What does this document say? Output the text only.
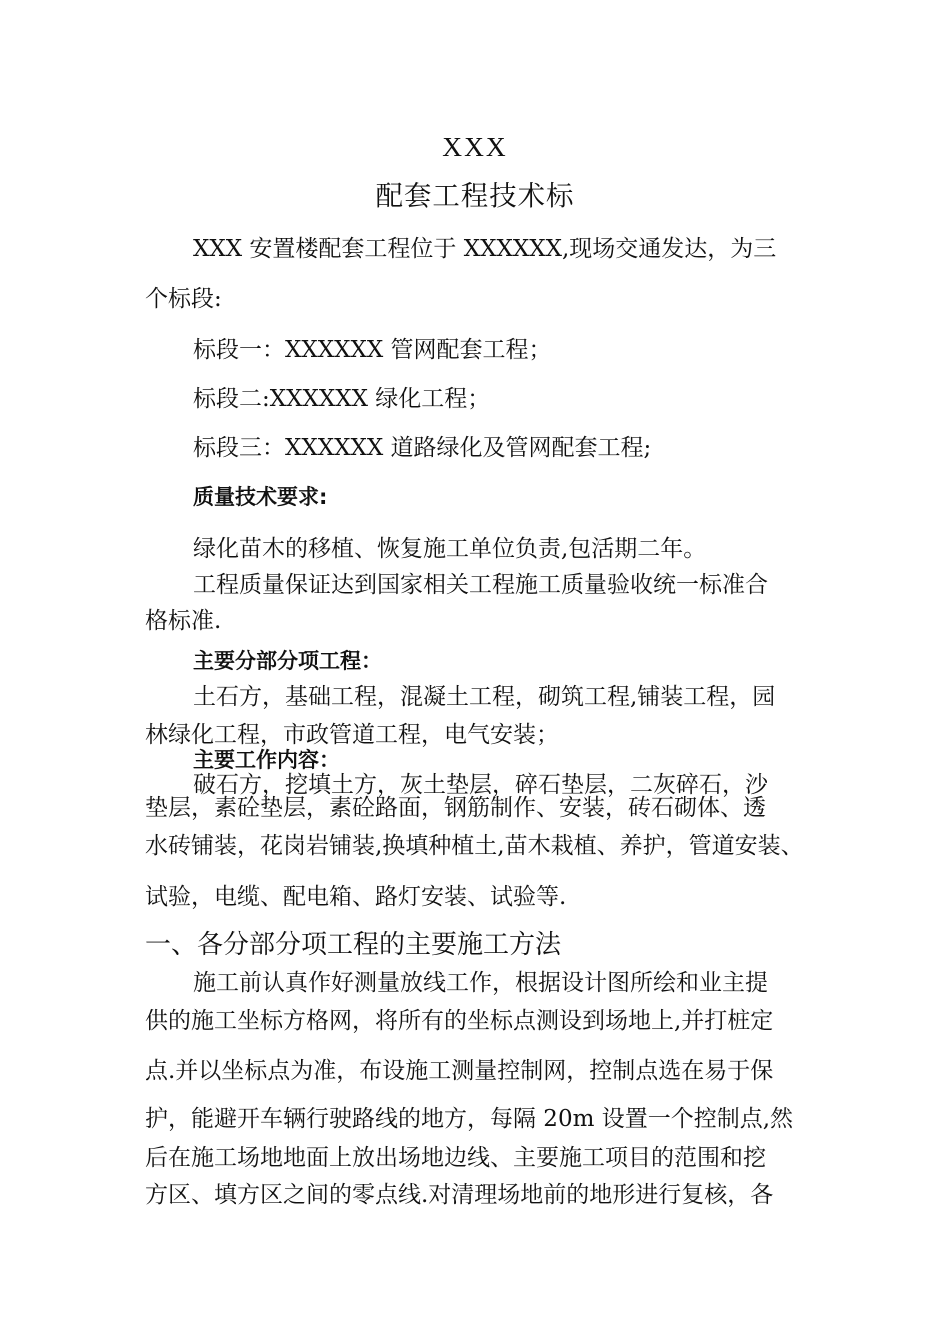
XXX
配套工程技术标
XXX 安置楼配套工程位于 XXXXXX,现场交通发达，为三
个标段:
标段一：XXXXXX 管网配套工程；
标段二:XXXXXX 绿化工程；
标段三：XXXXXX 道路绿化及管网配套工程;
质量技术要求:
绿化苗木的移植、恢复施工单位负责,包活期二年。
工程质量保证达到国家相关工程施工质量验收统一标准合
格标准.
主要分部分项工程：
土石方，基础工程，混凝土工程，砌筑工程,铺装工程，园
林绿化工程，市政管道工程，电气安装；
主要工作内容：
破石方，挖填土方，灰土垫层，碎石垫层，二灰碎石，沙
垫层，素砼垫层，素砼路面，钢筋制作、安装，砖石砌体、透
水砖铺装，花岗岩铺装,换填种植土,苗木栽植、养护，管道安装、
试验，电缆、配电箱、路灯安装、试验等.
一、各分部分项工程的主要施工方法
施工前认真作好测量放线工作，根据设计图所绘和业主提
供的施工坐标方格网，将所有的坐标点测设到场地上,并打桩定
点.并以坐标点为准，布设施工测量控制网，控制点选在易于保
护，能避开车辆行驶路线的地方，每隔 20m 设置一个控制点,然
后在施工场地地面上放出场地边线、主要施工项目的范围和挖
方区、填方区之间的零点线.对清理场地前的地形进行复核，各
